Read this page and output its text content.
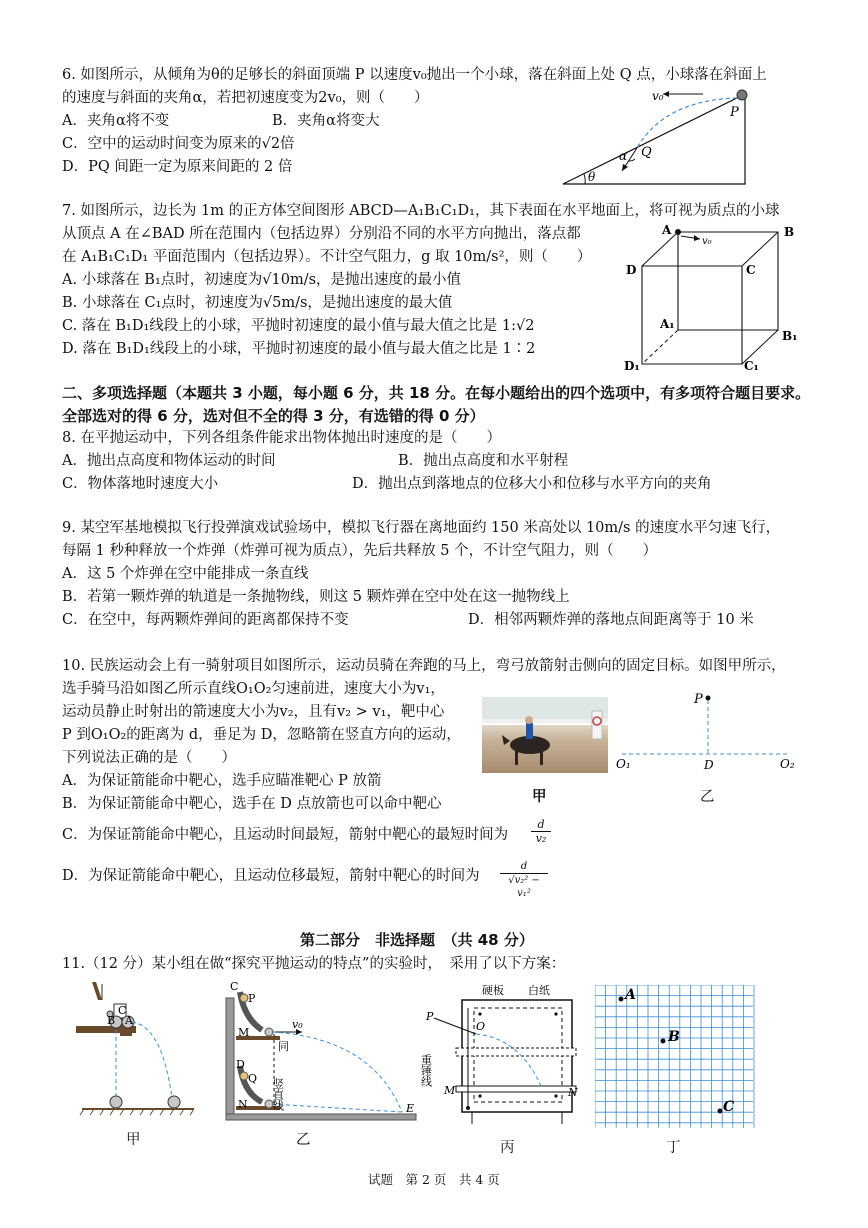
6. 如图所示，从倾角为θ的足够长的斜面顶端 P 以速度v₀抛出一个小球，落在斜面上处 Q 点，小球落在斜面上
的速度与斜面的夹角α，若把初速度变为2v₀，则（　　）
A．夹角α将不变	B．夹角α将变大
C．空中的运动时间变为原来的√2倍
D．PQ 间距一定为原来间距的 2 倍
v₀
P
Q
α
θ
7. 如图所示，边长为 1m 的正方体空间图形 ABCD—A₁B₁C₁D₁，其下表面在水平地面上，将可视为质点的小球
从顶点 A 在∠BAD 所在范围内（包括边界）分别沿不同的水平方向抛出，落点都
在 A₁B₁C₁D₁ 平面范围内（包括边界）。不计空气阻力，g 取 10m/s²，则（　　）
A. 小球落在 B₁点时，初速度为√10m/s，是抛出速度的最小值
B. 小球落在 C₁点时，初速度为√5m/s，是抛出速度的最大值
C. 落在 B₁D₁线段上的小球，平抛时初速度的最小值与最大值之比是 1:√2
D. 落在 B₁D₁线段上的小球，平抛时初速度的最小值与最大值之比是 1∶2
A
v₀
B
D	C
A₁
B₁
D₁	C₁
二、多项选择题（本题共 3 小题，每小题 6 分，共 18 分。在每小题给出的四个选项中，有多项符合题目要求。
全部选对的得 6 分，选对但不全的得 3 分，有选错的得 0 分）
8. 在平抛运动中，下列各组条件能求出物体抛出时速度的是（　　）
A．抛出点高度和物体运动的时间	B．抛出点高度和水平射程
C．物体落地时速度大小	D．抛出点到落地点的位移大小和位移与水平方向的夹角
9. 某空军基地模拟飞行投弹演戏试验场中，模拟飞行器在离地面约 150 米高处以 10m/s 的速度水平匀速飞行，
每隔 1 秒种释放一个炸弹（炸弹可视为质点），先后共释放 5 个，不计空气阻力，则（　　）
A．这 5 个炸弹在空中能排成一条直线
B．若第一颗炸弹的轨道是一条抛物线，则这 5 颗炸弹在空中处在这一抛物线上
C．在空中，每两颗炸弹间的距离都保持不变	D．相邻两颗炸弹的落地点间距离等于 10 米
10. 民族运动会上有一骑射项目如图所示，运动员骑在奔跑的马上，弯弓放箭射击侧向的固定目标。如图甲所示，
选手骑马沿如图乙所示直线O₁O₂匀速前进，速度大小为v₁，
运动员静止时射出的箭速度大小为v₂，且有v₂ > v₁，靶中心
P 到O₁O₂的距离为 d，垂足为 D，忽略箭在竖直方向的运动，
下列说法正确的是（　　）
A．为保证箭能命中靶心，选手应瞄准靶心 P 放箭
B．为保证箭能命中靶心，选手在 D 点放箭也可以命中靶心
C．为保证箭能命中靶心，且运动时间最短，箭射中靶心的最短时间为 $\frac{d}{\text{v₂}}$
D．为保证箭能命中靶心，且运动位移最短，箭射中靶心的时间为 $\frac{d}{\text{√v₂² − v₁²}}$
甲
P
O₁	D	O₂
乙
第二部分　非选择题　（共 48 分）
11.（12 分）某小组在做“探究平抛运动的特点”的实验时，　采用了以下方案：
B A
C
甲
C
P
M
v₀
D
Q
N	E
同
竖直线
乙
硬板 白纸
P
O
重锤线
M	N
丙
A
B
C
丁
试题　第 2 页　共 4 页
